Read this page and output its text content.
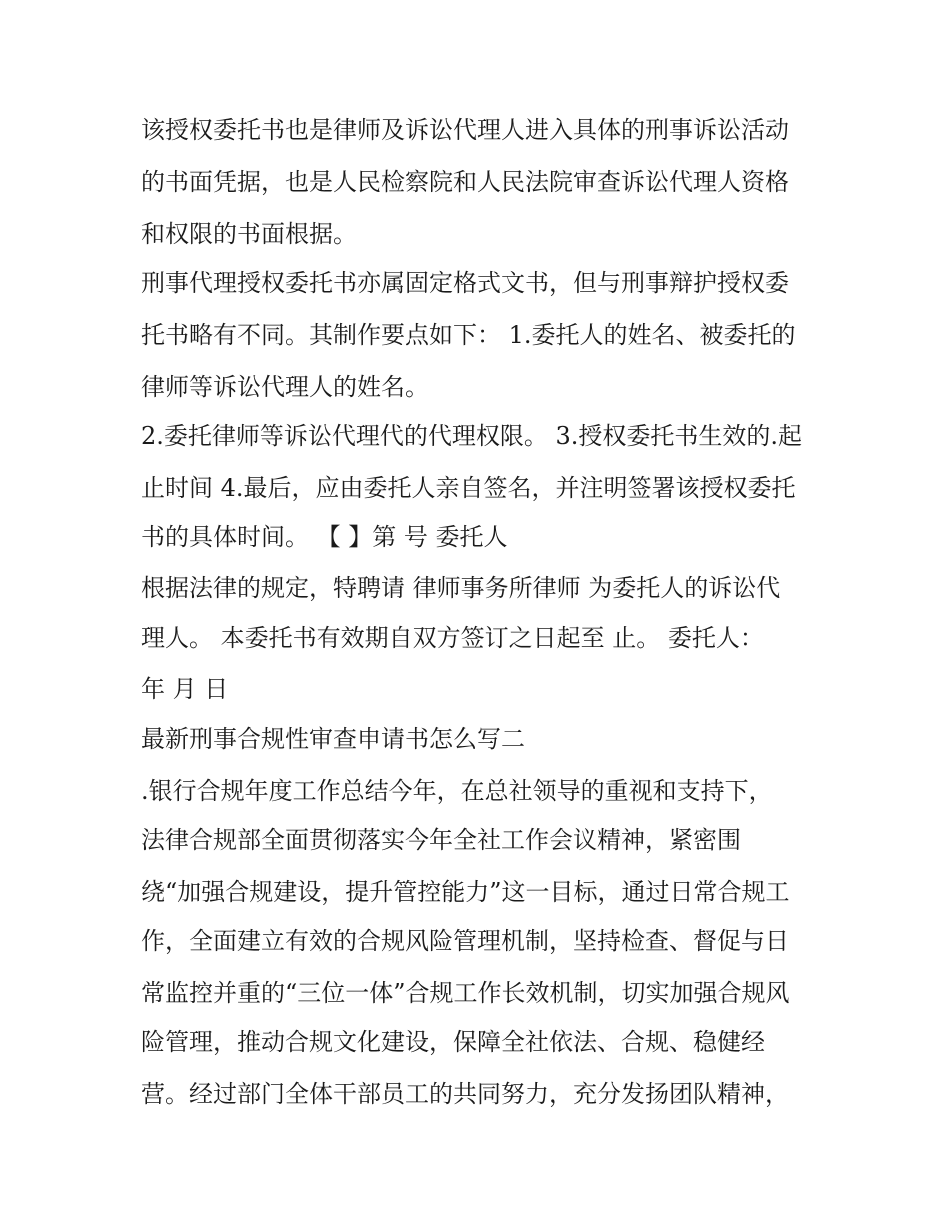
该授权委托书也是律师及诉讼代理人进入具体的刑事诉讼活动
的书面凭据，也是人民检察院和人民法院审查诉讼代理人资格
和权限的书面根据。
刑事代理授权委托书亦属固定格式文书，但与刑事辩护授权委
托书略有不同。其制作要点如下： 1.委托人的姓名、被委托的
律师等诉讼代理人的姓名。
2.委托律师等诉讼代理代的代理权限。 3.授权委托书生效的.起
止时间 4.最后，应由委托人亲自签名，并注明签署该授权委托
书的具体时间。 【 】第 号 委托人
根据法律的规定，特聘请 律师事务所律师 为委托人的诉讼代
理人。 本委托书有效期自双方签订之日起至 止。 委托人：
年 月 日
最新刑事合规性审查申请书怎么写二
.银行合规年度工作总结今年，在总社领导的重视和支持下，
法律合规部全面贯彻落实今年全社工作会议精神，紧密围
绕“加强合规建设，提升管控能力”这一目标，通过日常合规工
作，全面建立有效的合规风险管理机制，坚持检查、督促与日
常监控并重的“三位一体”合规工作长效机制，切实加强合规风
险管理，推动合规文化建设，保障全社依法、合规、稳健经
营。经过部门全体干部员工的共同努力，充分发扬团队精神，
